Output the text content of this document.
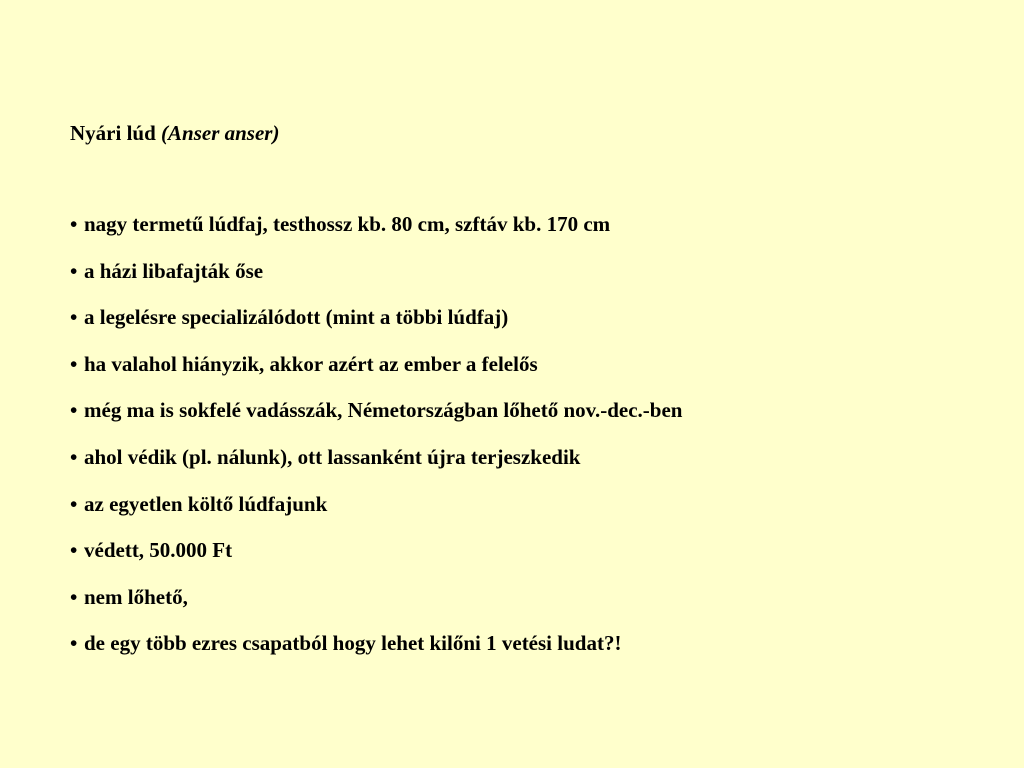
Nyári lúd (Anser anser)
• nagy termetű lúdfaj, testhossz kb. 80 cm, szftáv kb. 170 cm
• a házi libafajták őse
• a legelésre specializálódott (mint a többi lúdfaj)
• ha valahol hiányzik, akkor azért az ember a felelős
• még ma is sokfelé vadásszák, Németországban lőhető nov.-dec.-ben
• ahol védik (pl. nálunk), ott lassanként újra terjeszkedik
• az egyetlen költő lúdfajunk
• védett, 50.000 Ft
• nem lőhető,
• de egy több ezres csapatból hogy lehet kilőni 1 vetési ludat?!
